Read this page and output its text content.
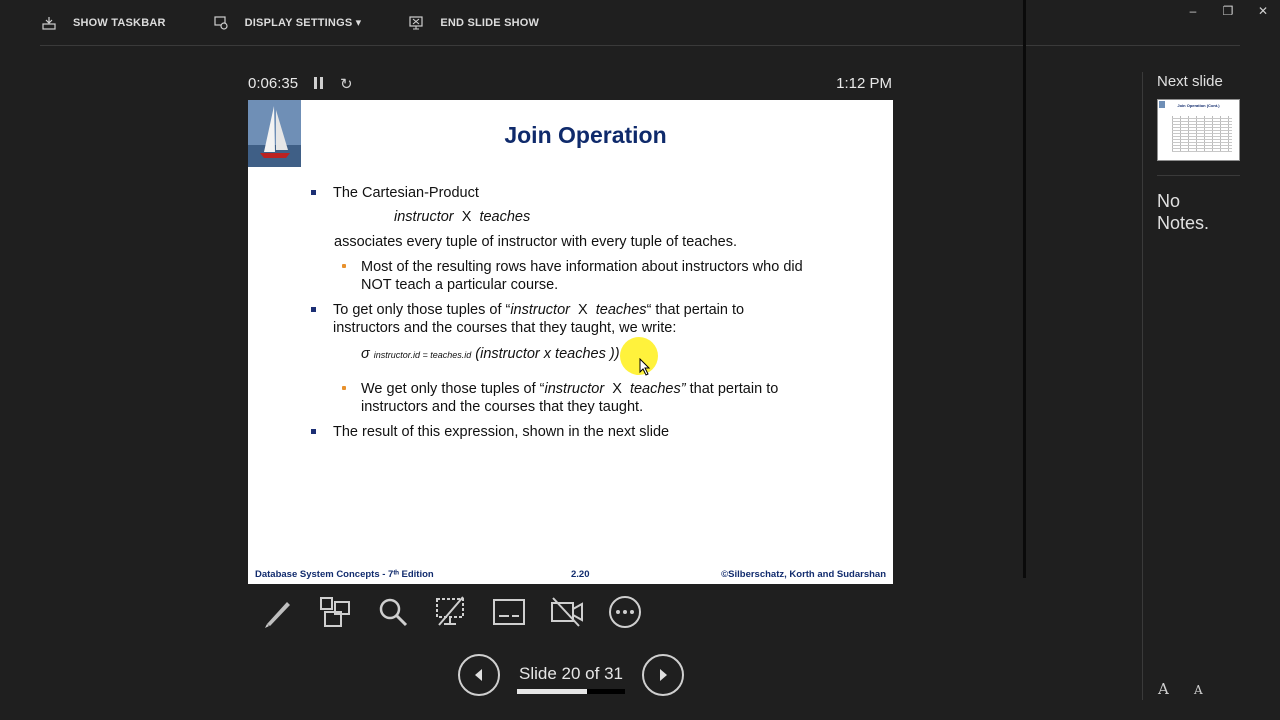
SHOW TASKBAR	DISPLAY SETTINGS ▾	END SLIDE SHOW
–	❐	✕
0:06:35	↻	1:12 PM
Join Operation
The Cartesian-Product
instructor X teaches
associates every tuple of instructor with every tuple of teaches.
Most of the resulting rows have information about instructors who did
NOT teach a particular course.
To get only those tuples of “instructor X teaches“ that pertain to
instructors and the courses that they taught, we write:
σ instructor.id = teaches.id (instructor x teaches ))
We get only those tuples of “instructor X teaches” that pertain to
instructors and the courses that they taught.
The result of this expression, shown in the next slide
Database System Concepts - 7ᵗʰ Edition	2.20	©Silberschatz, Korth and Sudarshan
Slide 20 of 31
Next slide
Join Operation (Cont.)
No Notes.
A A
